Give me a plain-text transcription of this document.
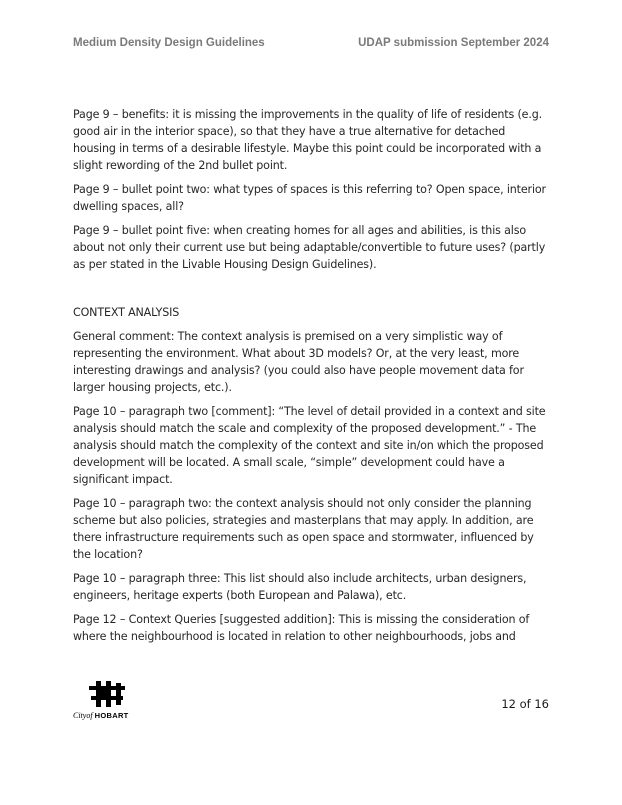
Medium Density Design Guidelines	UDAP submission September 2024

Page 9 – benefits: it is missing the improvements in the quality of life of residents (e.g. good air in the interior space), so that they have a true alternative for detached housing in terms of a desirable lifestyle. Maybe this point could be incorporated with a slight rewording of the 2nd bullet point.

Page 9 – bullet point two: what types of spaces is this referring to? Open space, interior dwelling spaces, all?

Page 9 – bullet point five: when creating homes for all ages and abilities, is this also about not only their current use but being adaptable/convertible to future uses? (partly as per stated in the Livable Housing Design Guidelines).

CONTEXT ANALYSIS

General comment: The context analysis is premised on a very simplistic way of representing the environment. What about 3D models? Or, at the very least, more interesting drawings and analysis? (you could also have people movement data for larger housing projects, etc.).

Page 10 – paragraph two [comment]: “The level of detail provided in a context and site analysis should match the scale and complexity of the proposed development.” - The analysis should match the complexity of the context and site in/on which the proposed development will be located. A small scale, “simple” development could have a significant impact.

Page 10 – paragraph two: the context analysis should not only consider the planning scheme but also policies, strategies and masterplans that may apply. In addition, are there infrastructure requirements such as open space and stormwater, influenced by the location?

Page 10 – paragraph three: This list should also include architects, urban designers, engineers, heritage experts (both European and Palawa), etc.

Page 12 – Context Queries [suggested addition]: This is missing the consideration of where the neighbourhood is located in relation to other neighbourhoods, jobs and

Cityof HOBART
12 of 16
